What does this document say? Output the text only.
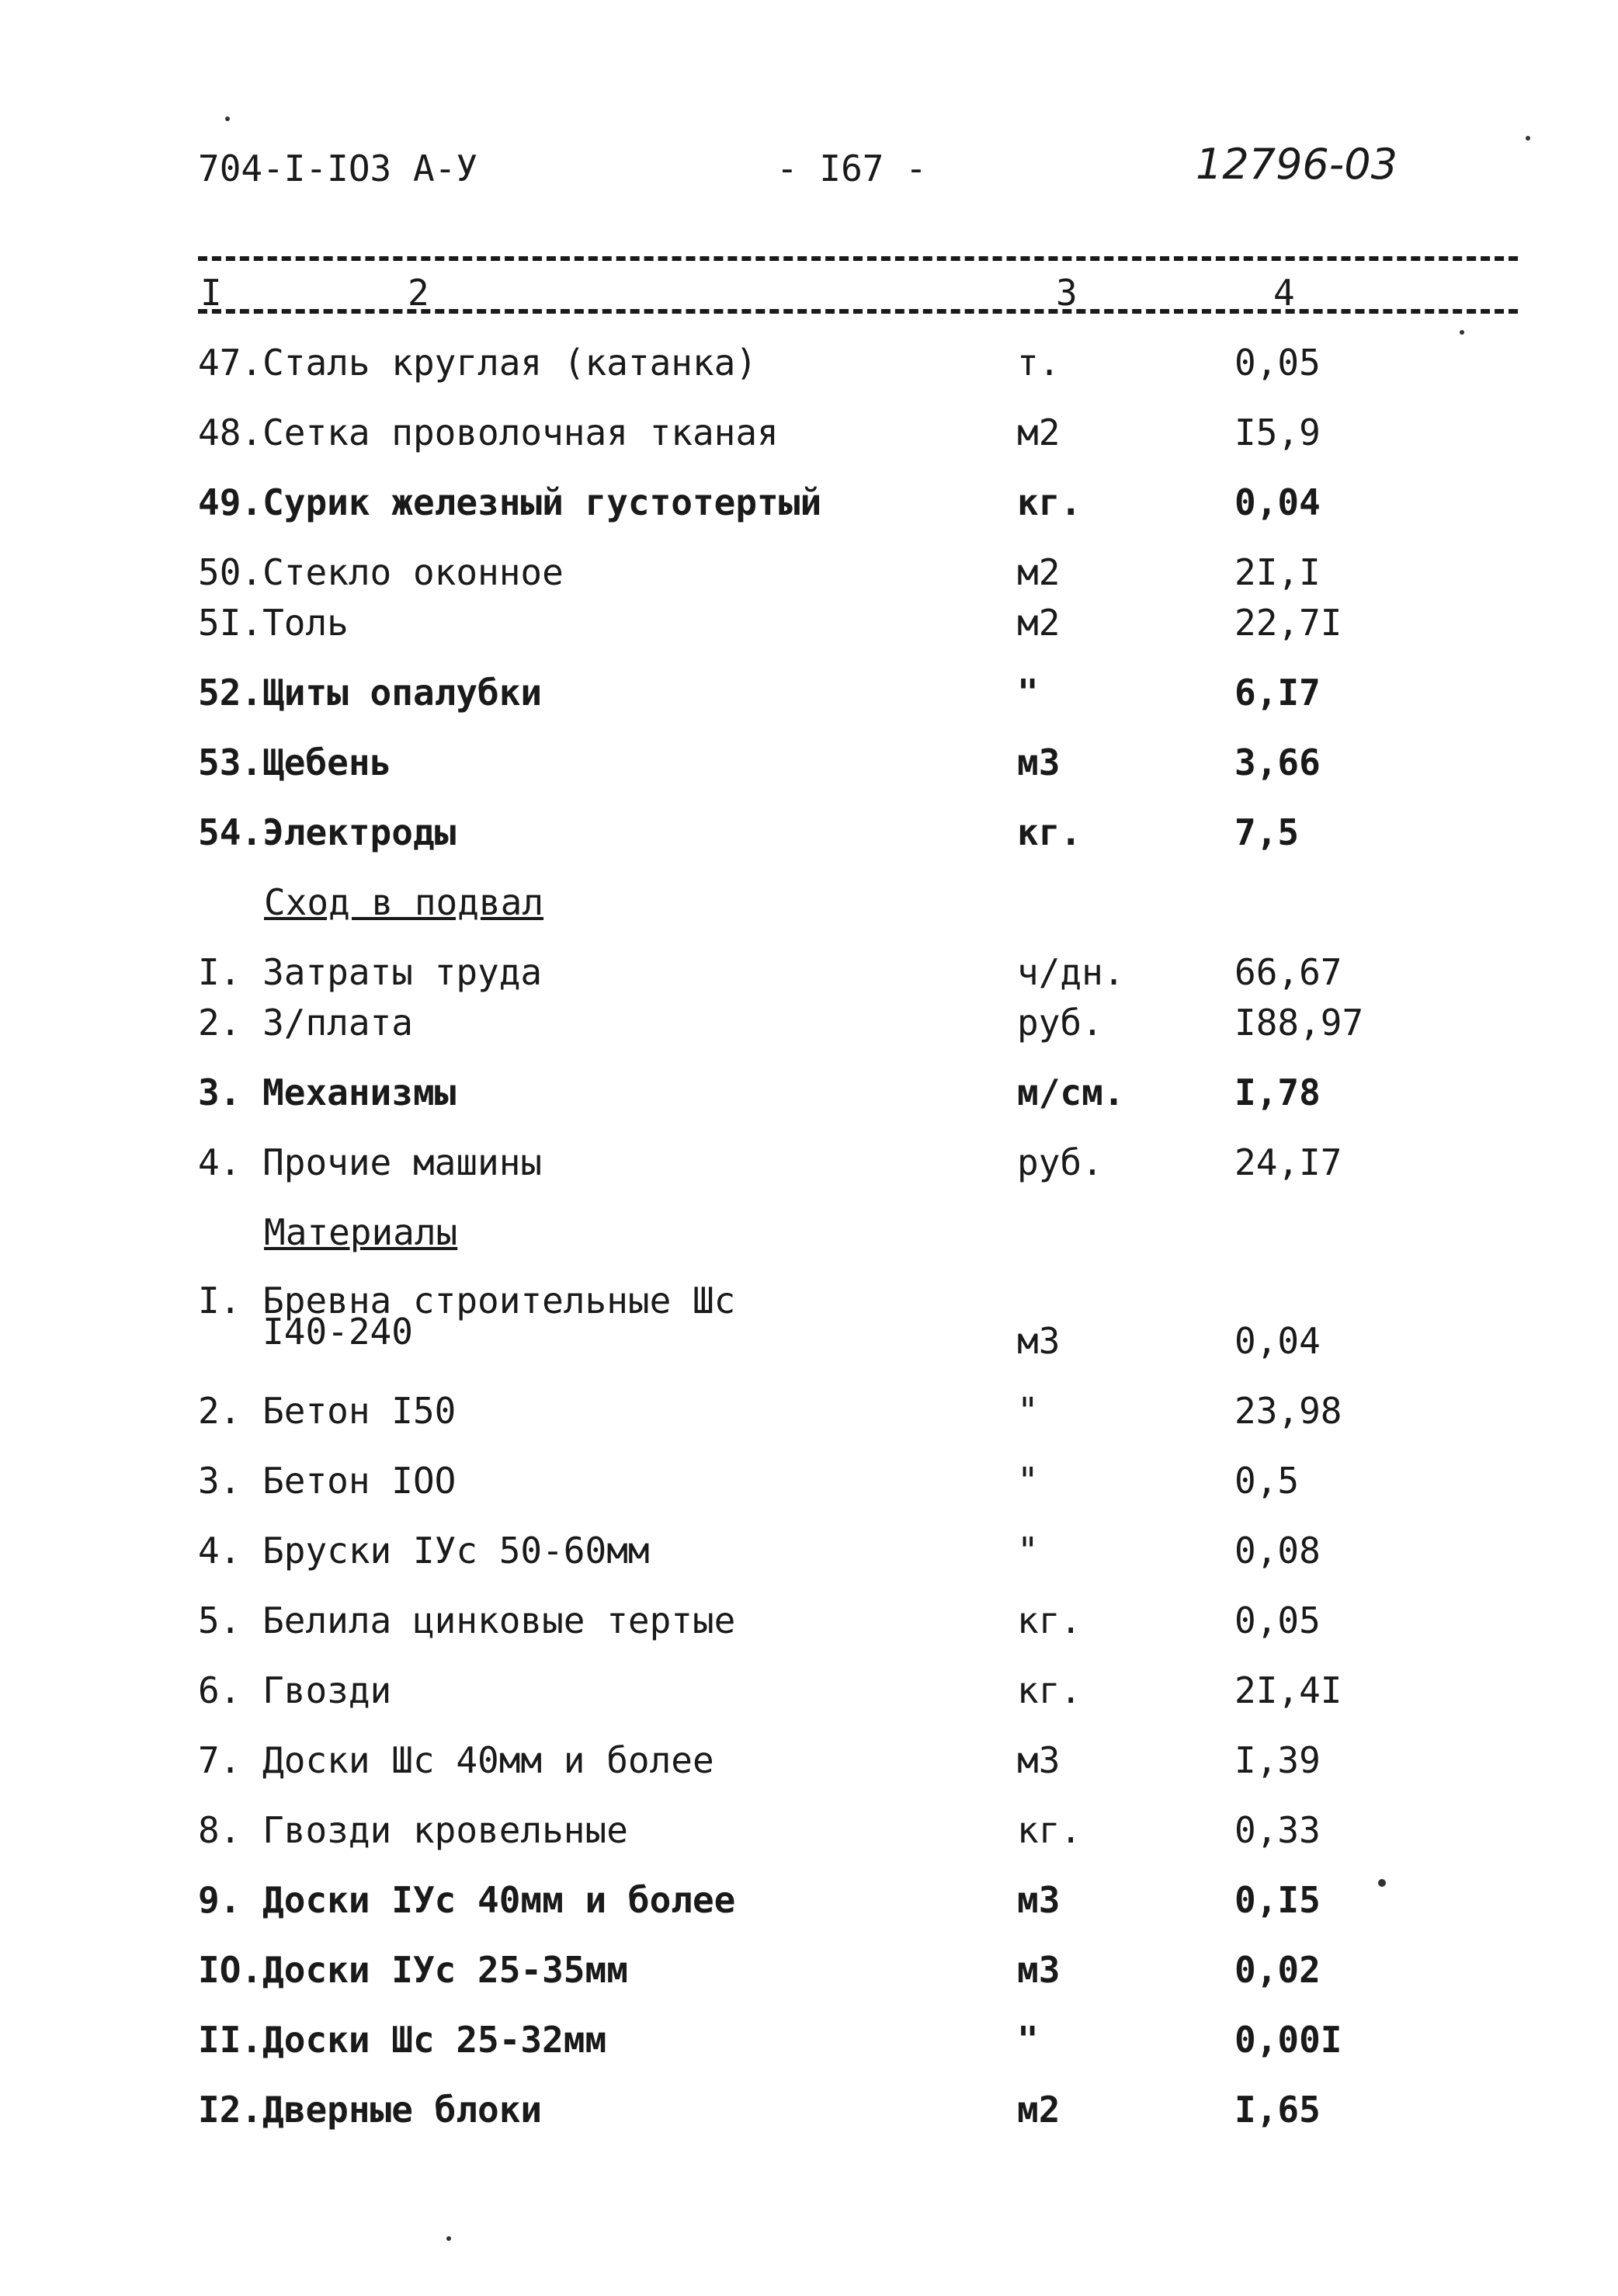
704-I-IO3 А-У	- I67 -	12796-03
I	2	3	4
47.Сталь круглая (катанка)	т.	0,05
48.Сетка проволочная тканая	м2	I5,9
49.Сурик железный густотертый	кг.	0,04
50.Стекло оконное	м2	2I,I
5I.Толь	м2	22,7I
52.Щиты опалубки	"	6,I7
53.Щебень	м3	3,66
54.Электроды	кг.	7,5
Сход в подвал
I. Затраты труда	ч/дн.	66,67
2. З/плата	руб.	I88,97
3. Механизмы	м/см.	I,78
4. Прочие машины	руб.	24,I7
Материалы
I. Бревна строительные Шс
I40-240	м3	0,04
2. Бетон I50	"	23,98
3. Бетон IOO	"	0,5
4. Бруски IУс 50-60мм	"	0,08
5. Белила цинковые тертые	кг.	0,05
6. Гвозди	кг.	2I,4I
7. Доски Шс 40мм и более	м3	I,39
8. Гвозди кровельные	кг.	0,33
9. Доски IУс 40мм и более	м3	0,I5
IO.Доски IУс 25-35мм	м3	0,02
II.Доски Шс 25-32мм	"	0,00I
I2.Дверные блоки	м2	I,65
